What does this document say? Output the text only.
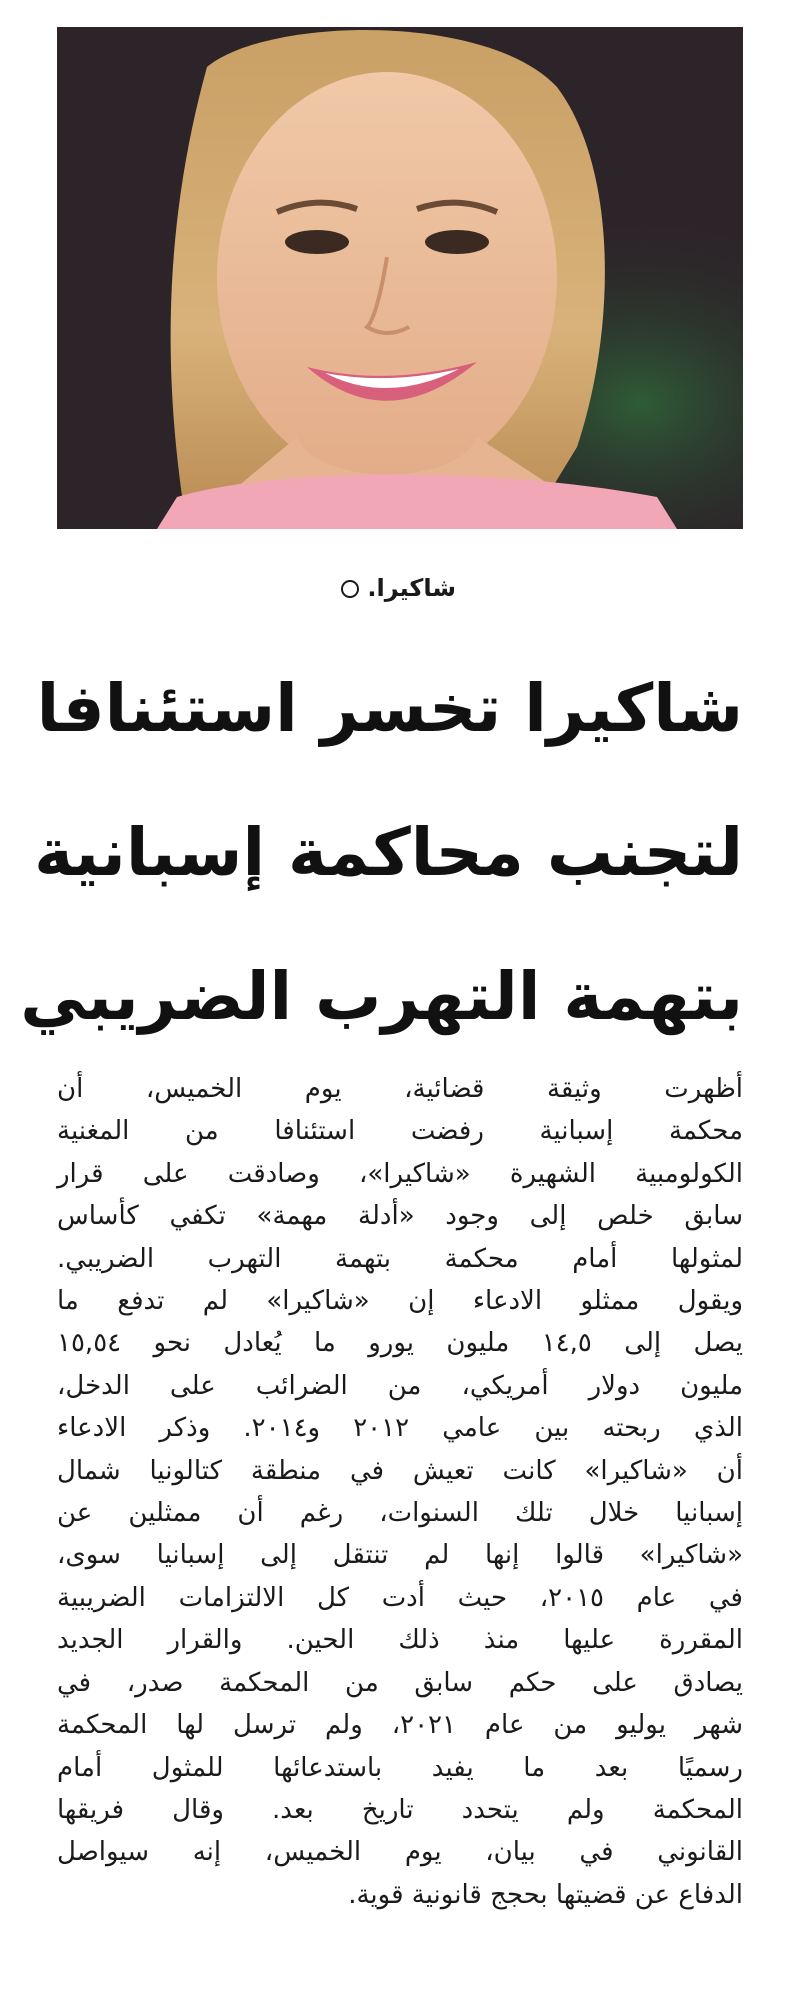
شاكيرا.
شاكيرا تخسر استئنافا
لتجنب محاكمة إسبانية
بتهمة التهرب الضريبي
أظهرت وثيقة قضائية، يوم الخميس، أن
محكمة إسبانية رفضت استئنافا من المغنية
الكولومبية الشهيرة «شاكيرا»، وصادقت على قرار
سابق خلص إلى وجود «أدلة مهمة» تكفي كأساس
لمثولها أمام محكمة بتهمة التهرب الضريبي.
ويقول ممثلو الادعاء إن «شاكيرا» لم تدفع ما
يصل إلى ١٤,٥ مليون يورو ما يُعادل نحو ١٥,٥٤
مليون دولار أمريكي، من الضرائب على الدخل،
الذي ربحته بين عامي ٢٠١٢ و٢٠١٤. وذكر الادعاء
أن «شاكيرا» كانت تعيش في منطقة كتالونيا شمال
إسبانيا خلال تلك السنوات، رغم أن ممثلين عن
«شاكيرا» قالوا إنها لم تنتقل إلى إسبانيا سوى،
في عام ٢٠١٥، حيث أدت كل الالتزامات الضريبية
المقررة عليها منذ ذلك الحين. والقرار الجديد
يصادق على حكم سابق من المحكمة صدر، في
شهر يوليو من عام ٢٠٢١، ولم ترسل لها المحكمة
رسميًا بعد ما يفيد باستدعائها للمثول أمام
المحكمة ولم يتحدد تاريخ بعد. وقال فريقها
القانوني في بيان، يوم الخميس، إنه سيواصل
الدفاع عن قضيتها بحجج قانونية قوية.
